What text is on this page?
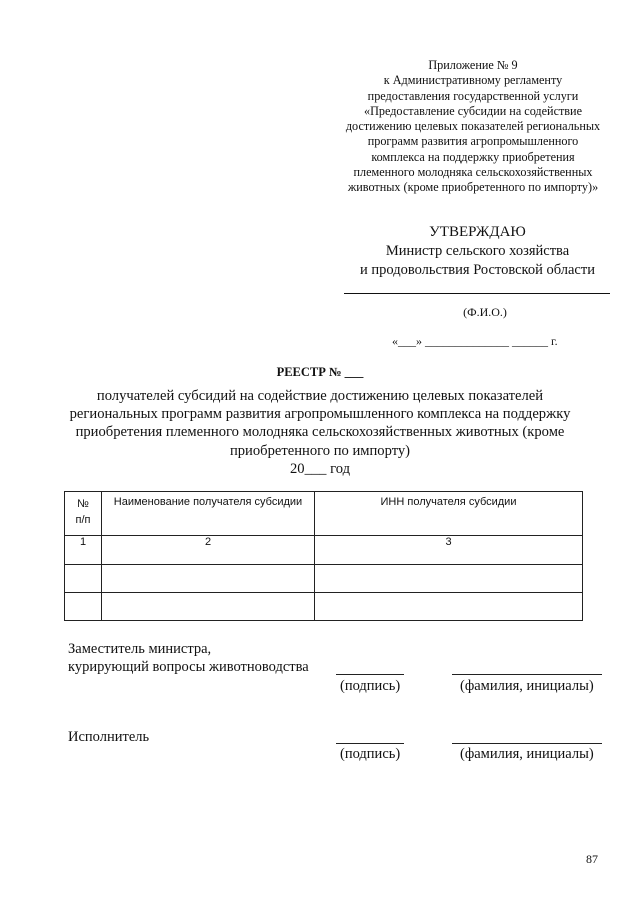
Приложение № 9
к Административному регламенту
предоставления государственной услуги
«Предоставление субсидии на содействие
достижению целевых показателей региональных
программ развития агропромышленного
комплекса на поддержку приобретения
племенного молодняка сельскохозяйственных
животных (кроме приобретенного по импорту)»
УТВЕРЖДАЮ
Министр сельского хозяйства
и продовольствия Ростовской области
(Ф.И.О.)
«___» ______________ ______ г.
РЕЕСТР № ___
получателей субсидий на содействие достижению целевых показателей
региональных программ развития агропромышленного комплекса на поддержку
приобретения племенного молодняка сельскохозяйственных животных (кроме
приобретенного по импорту)
20___ год
№
п/п	Наименование получателя субсидии	ИНН получателя субсидии
1	2	3

Заместитель министра,
курирующий вопросы животноводства
(подпись)	(фамилия, инициалы)
Исполнитель
(подпись)	(фамилия, инициалы)
87
